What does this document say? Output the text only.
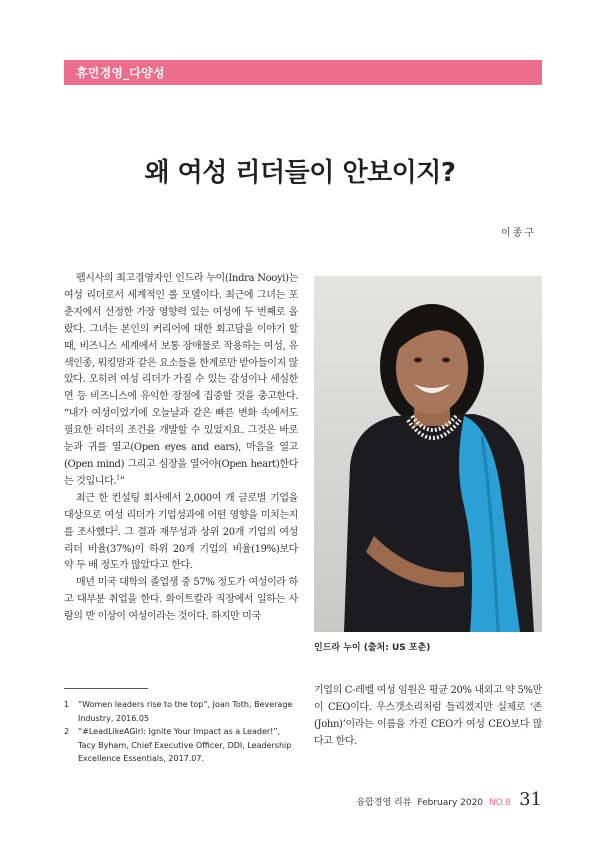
휴먼경영_다양성
왜 여성 리더들이 안보이지?
이종구

펩시사의 최고경영자인 인드라 누이(Indra Nooyi)는 여성 리더로서 세계적인 롤 모델이다. 최근에 그녀는 포춘지에서 선정한 가장 영향력 있는 여성에 두 번째로 올랐다. 그녀는 본인의 커리어에 대한 회고담을 이야기 할 때, 비즈니스 세계에서 보통 장애물로 작용하는 여성, 유색인종, 워킹맘과 같은 요소들을 한계로만 받아들이지 않았다. 오히려 여성 리더가 가질 수 있는 감성이나 세심한 면 등 비즈니스에 유익한 장점에 집중할 것을 충고한다. “내가 여성이었기에 오늘날과 같은 빠른 변화 속에서도 필요한 리더의 조건을 개발할 수 있었지요. 그것은 바로 눈과 귀를 열고(Open eyes and ears), 마음을 열고(Open mind) 그리고 심장을 열어야(Open heart)한다는 것입니다.$^1$”

최근 한 컨설팅 회사에서 2,000여 개 글로벌 기업을 대상으로 여성 리더가 기업성과에 어떤 영향을 미치는지를 조사했다$^2$. 그 결과 재무성과 상위 20개 기업의 여성 리더 비율(37%)이 하위 20개 기업의 비율(19%)보다 약 두 배 정도가 많았다고 한다.

매년 미국 대학의 졸업생 중 57% 정도가 여성이라 하고 대부분 취업을 한다. 화이트칼라 직장에서 일하는 사람의 반 이상이 여성이라는 것이다. 하지만 미국

인드라 누이 (출처: US 포춘)

기업의 C-레벨 여성 임원은 평균 20% 내외고 약 5%만이 CEO이다. 우스갯소리처럼 들리겠지만 실제로 ‘존(John)’이라는 이름을 가진 CEO가 여성 CEO보다 많다고 한다.

1	“Women leaders rise to the top”, Joan Toth, Beverage Industry, 2016.05
2	“#LeadLikeAGirl: Ignite Your Impact as a Leader!”, Tacy Byham, Chief Executive Officer, DDI, Leadership Excellence Essentials, 2017.07.
융합경영 리뷰 February 2020 NO.8 31
